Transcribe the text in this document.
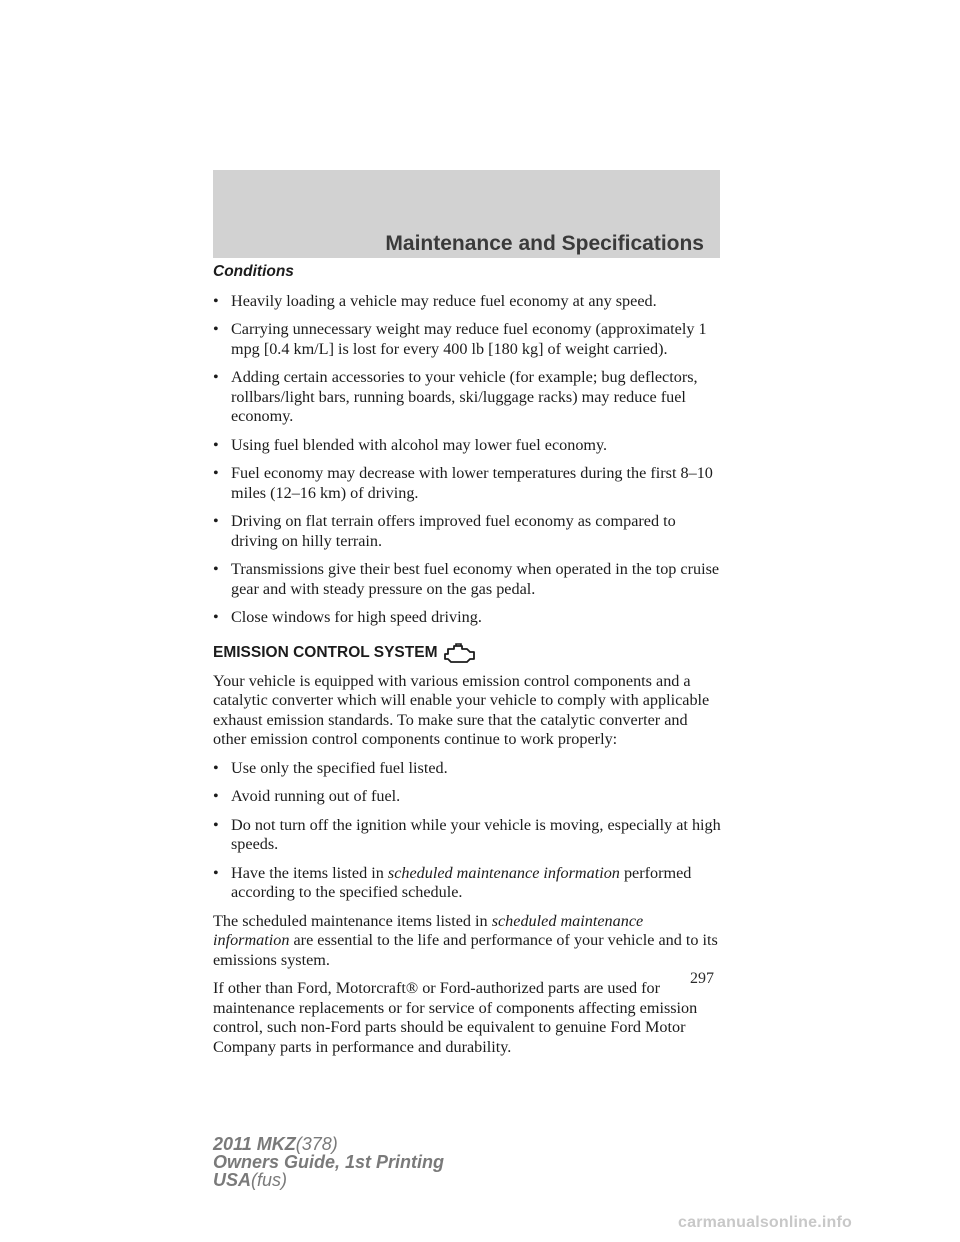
Maintenance and Specifications
Conditions
• Heavily loading a vehicle may reduce fuel economy at any speed.
• Carrying unnecessary weight may reduce fuel economy (approximately 1 mpg [0.4 km/L] is lost for every 400 lb [180 kg] of weight carried).
• Adding certain accessories to your vehicle (for example; bug deflectors, rollbars/light bars, running boards, ski/luggage racks) may reduce fuel economy.
• Using fuel blended with alcohol may lower fuel economy.
• Fuel economy may decrease with lower temperatures during the first 8–10 miles (12–16 km) of driving.
• Driving on flat terrain offers improved fuel economy as compared to driving on hilly terrain.
• Transmissions give their best fuel economy when operated in the top cruise gear and with steady pressure on the gas pedal.
• Close windows for high speed driving.
EMISSION CONTROL SYSTEM

Your vehicle is equipped with various emission control components and a catalytic converter which will enable your vehicle to comply with applicable exhaust emission standards. To make sure that the catalytic converter and other emission control components continue to work properly:

• Use only the specified fuel listed.
• Avoid running out of fuel.
• Do not turn off the ignition while your vehicle is moving, especially at high speeds.
• Have the items listed in scheduled maintenance information performed according to the specified schedule.

The scheduled maintenance items listed in scheduled maintenance information are essential to the life and performance of your vehicle and to its emissions system.

If other than Ford, Motorcraft® or Ford-authorized parts are used for maintenance replacements or for service of components affecting emission control, such non-Ford parts should be equivalent to genuine Ford Motor Company parts in performance and durability.

297
2011 MKZ(378)
Owners Guide, 1st Printing
USA(fus)
carmanualsonline.info
